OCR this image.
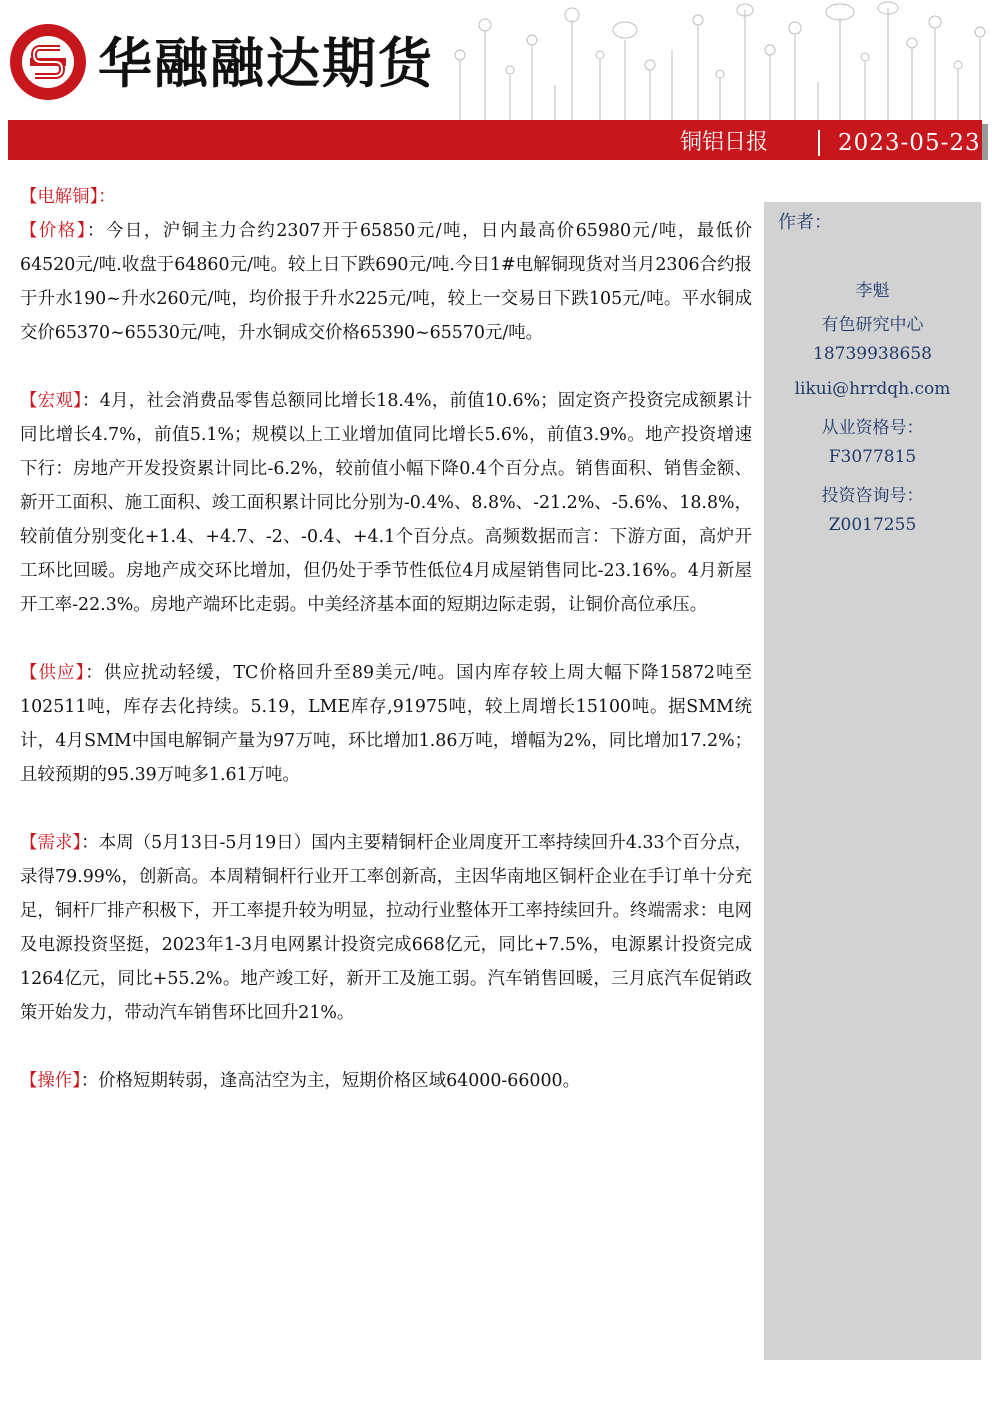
华融融达期货
铜铝日报	2023-05-23
作者：
李魁
有色研究中心
18739938658
likui@hrrdqh.com
从业资格号：
F3077815
投资咨询号：
Z0017255

【电解铜】：

【价格】：今日，沪铜主力合约2307开于65850元/吨，日内最高价65980元/吨，最低价64520元/吨.收盘于64860元/吨。较上日下跌690元/吨.今日1#电解铜现货对当月2306合约报于升水190~升水260元/吨，均价报于升水225元/吨，较上一交易日下跌105元/吨。平水铜成交价65370~65530元/吨，升水铜成交价格65390~65570元/吨。

【宏观】：4月，社会消费品零售总额同比增长18.4%，前值10.6%；固定资产投资完成额累计同比增长4.7%，前值5.1%；规模以上工业增加值同比增长5.6%，前值3.9%。地产投资增速下行：房地产开发投资累计同比-6.2%，较前值小幅下降0.4个百分点。销售面积、销售金额、新开工面积、施工面积、竣工面积累计同比分别为-0.4%、8.8%、-21.2%、-5.6%、18.8%，较前值分别变化+1.4、+4.7、-2、-0.4、+4.1个百分点。高频数据而言：下游方面，高炉开工环比回暖。房地产成交环比增加，但仍处于季节性低位4月成屋销售同比-23.16%。4月新屋开工率-22.3%。房地产端环比走弱。中美经济基本面的短期边际走弱，让铜价高位承压。

【供应】：供应扰动轻缓，TC价格回升至89美元/吨。国内库存较上周大幅下降15872吨至102511吨，库存去化持续。5.19，LME库存,91975吨，较上周增长15100吨。据SMM统计，4月SMM中国电解铜产量为97万吨，环比增加1.86万吨，增幅为2%，同比增加17.2%；且较预期的95.39万吨多1.61万吨。

【需求】：本周（5月13日-5月19日）国内主要精铜杆企业周度开工率持续回升4.33个百分点，录得79.99%，创新高。本周精铜杆行业开工率创新高，主因华南地区铜杆企业在手订单十分充足，铜杆厂排产积极下，开工率提升较为明显，拉动行业整体开工率持续回升。终端需求：电网及电源投资坚挺，2023年1-3月电网累计投资完成668亿元，同比+7.5%，电源累计投资完成1264亿元，同比+55.2%。地产竣工好，新开工及施工弱。汽车销售回暖，三月底汽车促销政策开始发力，带动汽车销售环比回升21%。

【操作】：价格短期转弱，逢高沽空为主，短期价格区域64000-66000。
